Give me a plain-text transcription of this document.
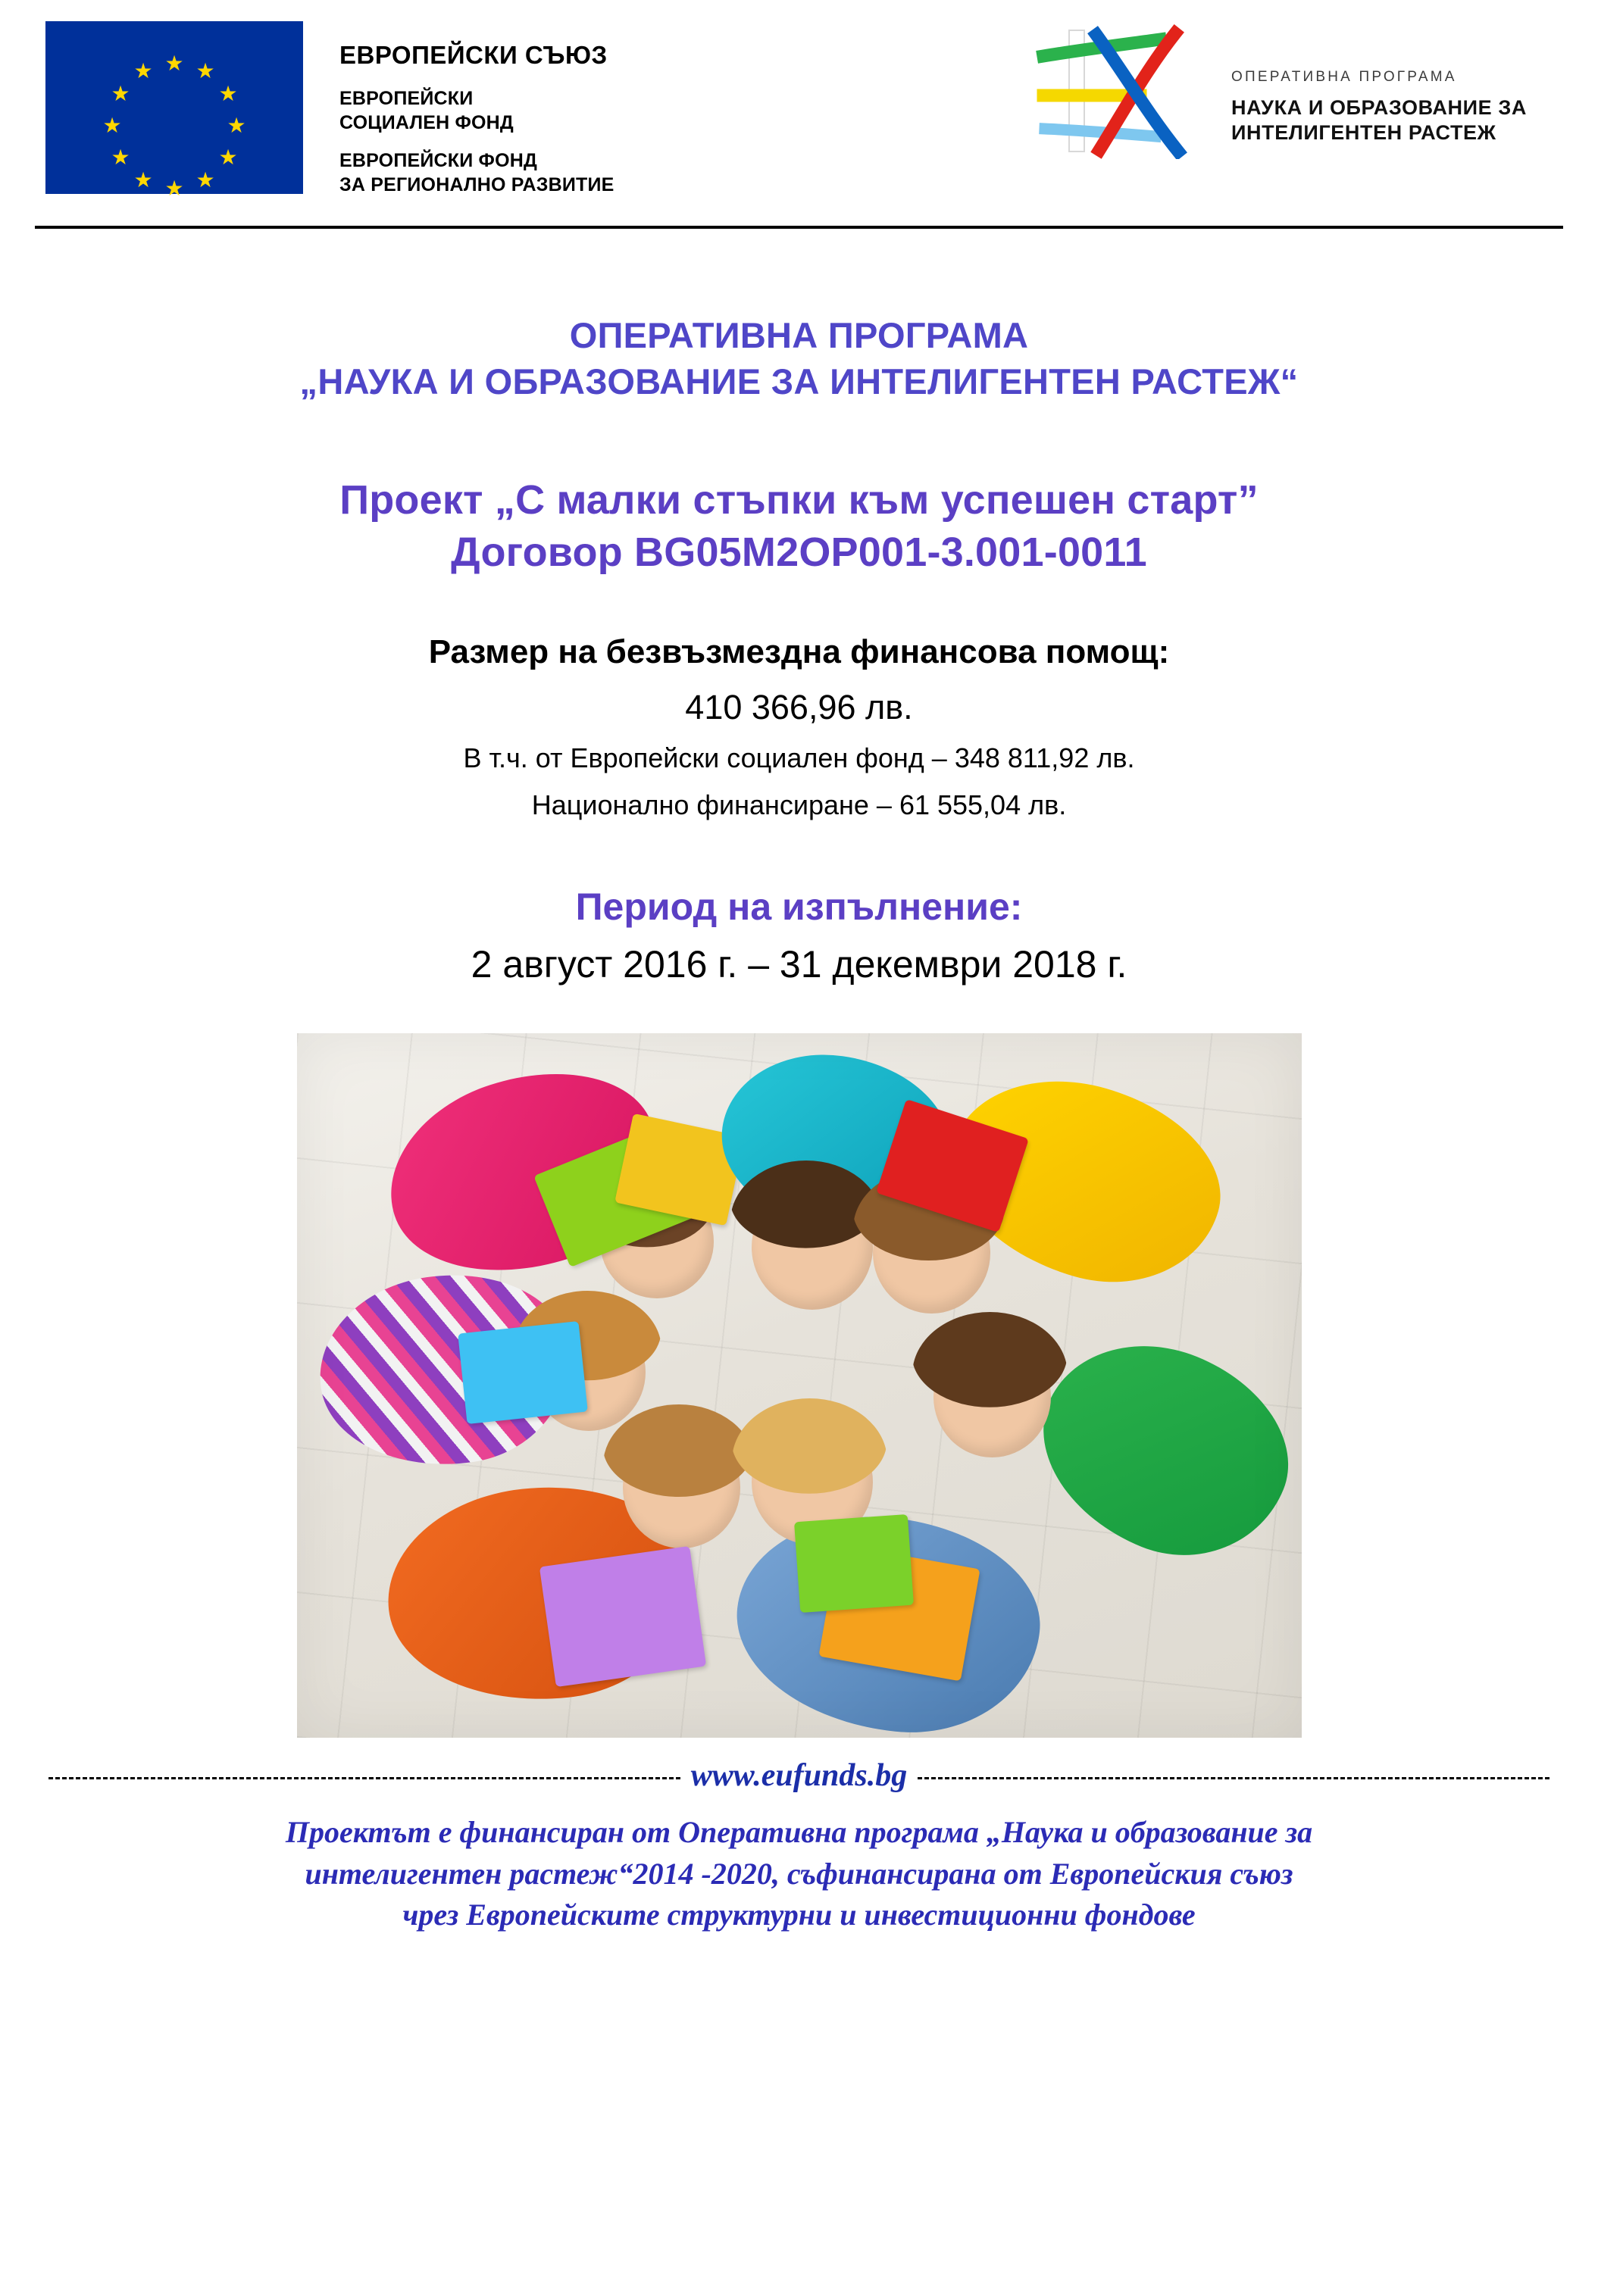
★ ★
★
★
★
★
★
★
★
★
★
★
ЕВРОПЕЙСКИ СЪЮЗ
ЕВРОПЕЙСКИ
СОЦИАЛЕН ФОНД
ЕВРОПЕЙСКИ ФОНД
ЗА РЕГИОНАЛНО РАЗВИТИЕ
ОПЕРАТИВНА ПРОГРАМА
НАУКА И ОБРАЗОВАНИЕ ЗА
ИНТЕЛИГЕНТЕН РАСТЕЖ
ОПЕРАТИВНА ПРОГРАМА
„НАУКА И ОБРАЗОВАНИЕ ЗА ИНТЕЛИГЕНТЕН РАСТЕЖ“
Проект „С малки стъпки към успешен старт”
Договор BG05M2OP001-3.001-0011
Размер на безвъзмездна финансова помощ:
410 366,96 лв.
В т.ч. от Европейски социален фонд – 348 811,92 лв.
Национално финансиране – 61 555,04 лв.
Период на изпълнение:
2 август 2016 г. – 31 декември 2018 г.
www.eufunds.bg
Проектът е финансиран от Оперативна програма „Наука и образование за
интелигентен растеж“2014 -2020, съфинансирана от Европейския съюз
чрез Европейските структурни и инвестиционни фондове
